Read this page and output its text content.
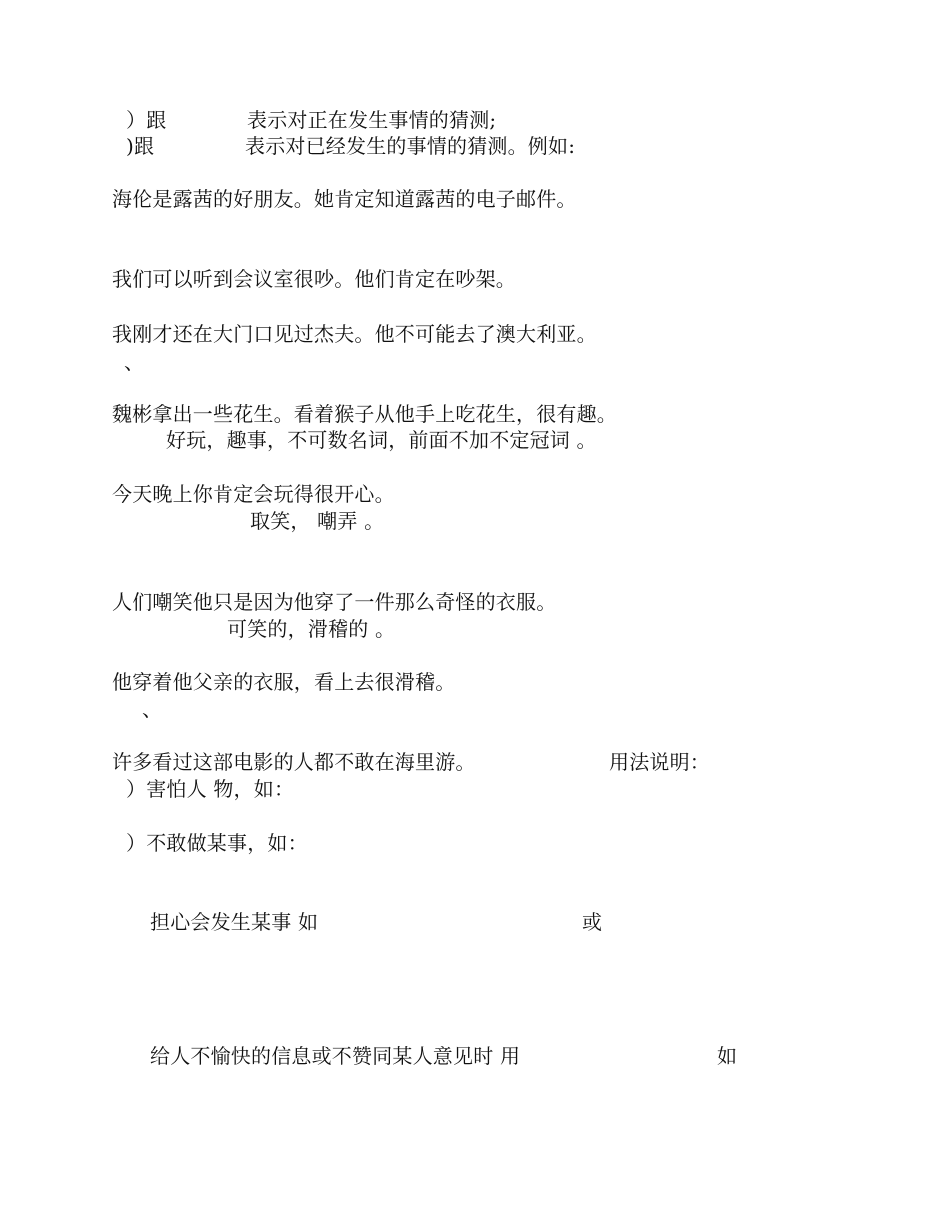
）跟	表示对正在发生事情的猜测;
)跟	表示对已经发生的事情的猜测。例如:
海伦是露茜的好朋友。她肯定知道露茜的电子邮件。
我们可以听到会议室很吵。他们肯定在吵架。
我刚才还在大门口见过杰夫。他不可能去了澳大利亚。
、
魏彬拿出一些花生。看着猴子从他手上吃花生，很有趣。
好玩，趣事，不可数名词，前面不加不定冠词 。
今天晚上你肯定会玩得很开心。
取笑， 嘲弄 。
人们嘲笑他只是因为他穿了一件那么奇怪的衣服。
可笑的，滑稽的 。
他穿着他父亲的衣服，看上去很滑稽。
、
许多看过这部电影的人都不敢在海里游。	用法说明：
）害怕人 物，如：
）不敢做某事，如：
担心会发生某事 如	或
给人不愉快的信息或不赞同某人意见时 用	如
